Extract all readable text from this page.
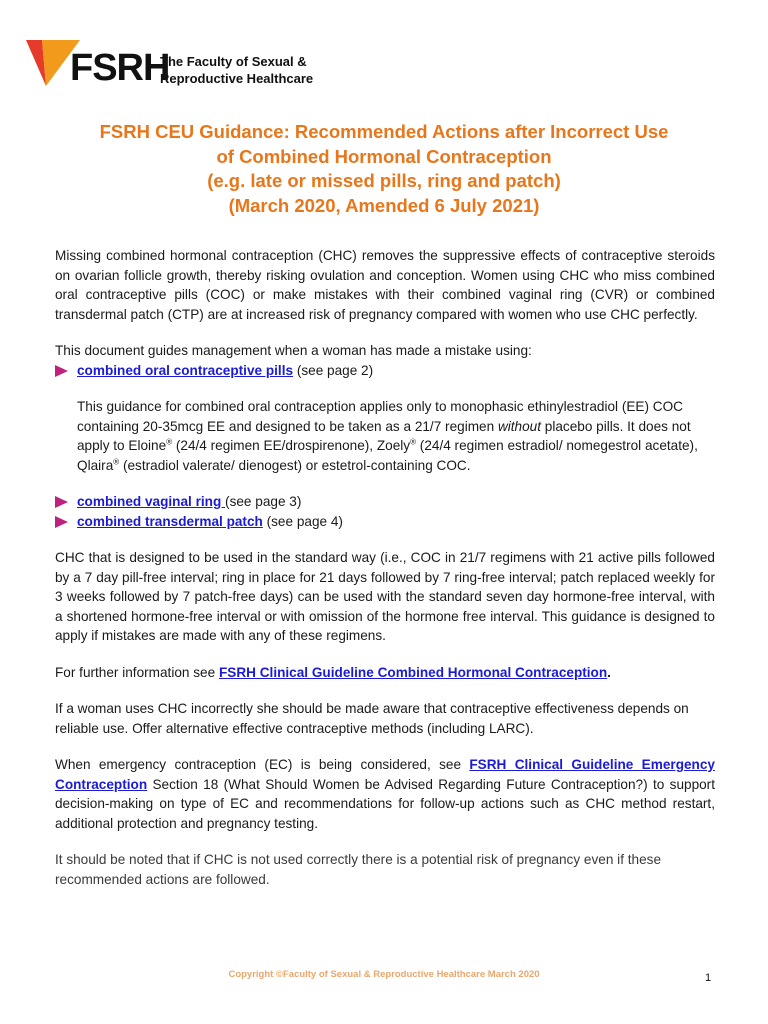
FSRH
The Faculty of Sexual &
Reproductive Healthcare
FSRH CEU Guidance: Recommended Actions after Incorrect Use
of Combined Hormonal Contraception
(e.g. late or missed pills, ring and patch)
(March 2020, Amended 6 July 2021)

Missing combined hormonal contraception (CHC) removes the suppressive effects of contraceptive steroids on ovarian follicle growth, thereby risking ovulation and conception. Women using CHC who miss combined oral contraceptive pills (COC) or make mistakes with their combined vaginal ring (CVR) or combined transdermal patch (CTP) are at increased risk of pregnancy compared with women who use CHC perfectly.

This document guides management when a woman has made a mistake using:

combined oral contraceptive pills (see page 2)

This guidance for combined oral contraception applies only to monophasic ethinylestradiol (EE) COC containing 20-35mcg EE and designed to be taken as a 21/7 regimen without placebo pills. It does not apply to Eloine® (24/4 regimen EE/drospirenone), Zoely® (24/4 regimen estradiol/ nomegestrol acetate), Qlaira® (estradiol valerate/ dienogest) or estetrol-containing COC.

combined vaginal ring (see page 3)
combined transdermal patch (see page 4)

CHC that is designed to be used in the standard way (i.e., COC in 21/7 regimens with 21 active pills followed by a 7 day pill-free interval; ring in place for 21 days followed by 7 ring-free interval; patch replaced weekly for 3 weeks followed by 7 patch-free days) can be used with the standard seven day hormone-free interval, with a shortened hormone-free interval or with omission of the hormone free interval. This guidance is designed to apply if mistakes are made with any of these regimens.

For further information see FSRH Clinical Guideline Combined Hormonal Contraception.

If a woman uses CHC incorrectly she should be made aware that contraceptive effectiveness depends on reliable use. Offer alternative effective contraceptive methods (including LARC).

When emergency contraception (EC) is being considered, see FSRH Clinical Guideline Emergency Contraception Section 18 (What Should Women be Advised Regarding Future Contraception?) to support decision-making on type of EC and recommendations for follow-up actions such as CHC method restart, additional protection and pregnancy testing.

It should be noted that if CHC is not used correctly there is a potential risk of pregnancy even if these recommended actions are followed.

Copyright ©Faculty of Sexual & Reproductive Healthcare March 2020	1
